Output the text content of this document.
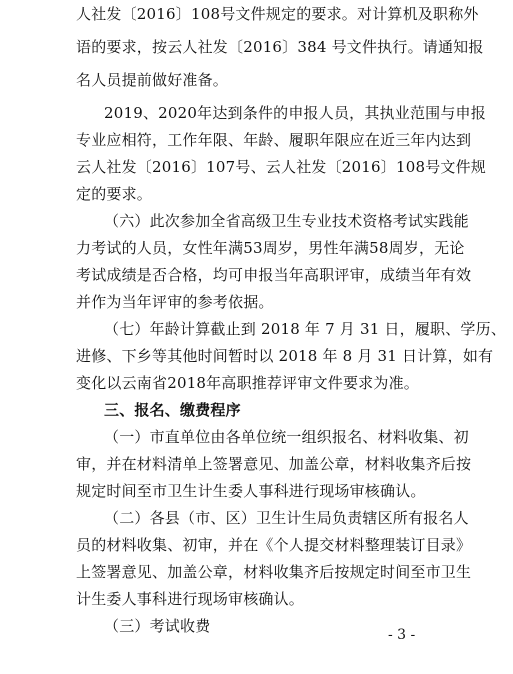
人社发〔2016〕108号文件规定的要求。对计算机及职称外
语的要求，按云人社发〔2016〕384 号文件执行。请通知报
名人员提前做好准备。
2019、2020年达到条件的申报人员，其执业范围与申报
专业应相符，工作年限、年龄、履职年限应在近三年内达到
云人社发〔2016〕107号、云人社发〔2016〕108号文件规
定的要求。
（六）此次参加全省高级卫生专业技术资格考试实践能
力考试的人员，女性年满53周岁，男性年满58周岁，无论
考试成绩是否合格，均可申报当年高职评审，成绩当年有效
并作为当年评审的参考依据。
（七）年龄计算截止到 2018 年 7 月 31 日，履职、学历、
进修、下乡等其他时间暂时以 2018 年 8 月 31 日计算，如有
变化以云南省2018年高职推荐评审文件要求为准。
三、报名、缴费程序
（一）市直单位由各单位统一组织报名、材料收集、初
审，并在材料清单上签署意见、加盖公章，材料收集齐后按
规定时间至市卫生计生委人事科进行现场审核确认。
（二）各县（市、区）卫生计生局负责辖区所有报名人
员的材料收集、初审，并在《个人提交材料整理装订目录》
上签署意见、加盖公章，材料收集齐后按规定时间至市卫生
计生委人事科进行现场审核确认。
（三）考试收费	- 3 -
